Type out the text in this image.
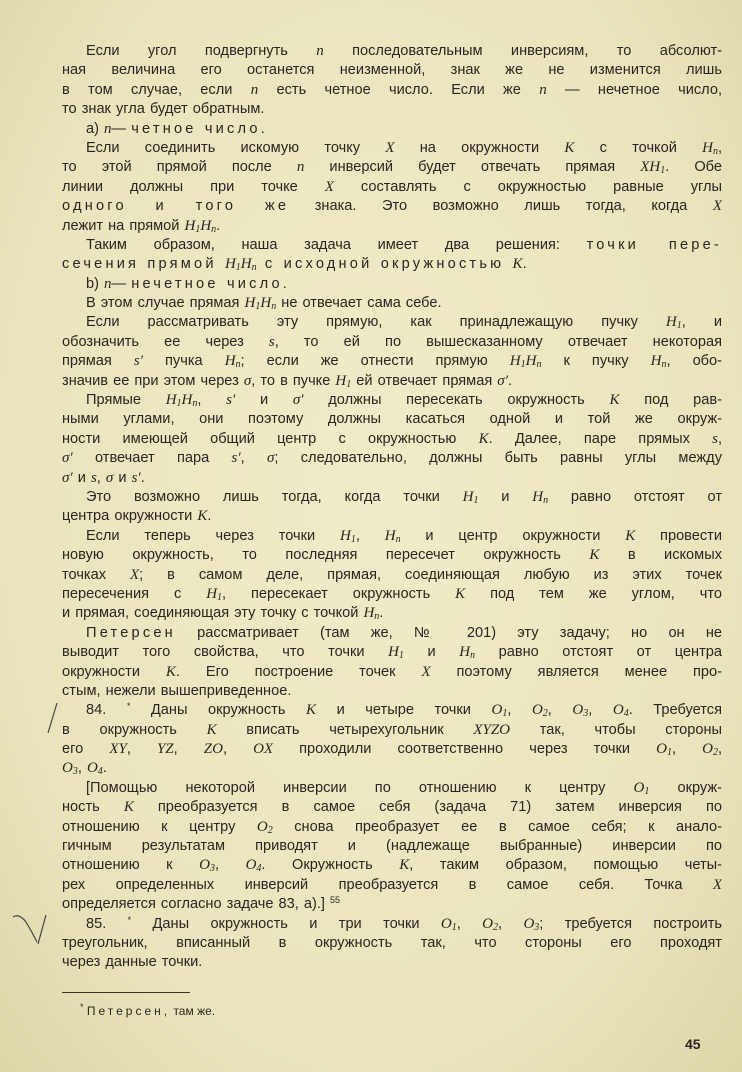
Если угол подвергнуть n последовательным инверсиям, то абсолют-
ная величина его останется неизменной, знак же не изменится лишь
в том случае, если n есть четное число. Если же n — нечетное число,
то знак угла будет обратным.
а) n— четное число.
Если соединить искомую точку X на окружности K с точкой Hn,
то этой прямой после n инверсий будет отвечать прямая XH1. Обе
линии должны при точке X составлять с окружностью равные углы
одного и того же знака. Это возможно лишь тогда, когда X
лежит на прямой H1Hn.
Таким образом, наша задача имеет два решения: точки пере-
сечения прямой H1Hn с исходной окружностью K.
b) n— нечетное число.
В этом случае прямая H1Hn не отвечает сама себе.
Если рассматривать эту прямую, как принадлежащую пучку H1, и
обозначить ее через s, то ей по вышесказанному отвечает некоторая
прямая s′ пучка Hn; если же отнести прямую H1Hn к пучку Hn, обо-
значив ее при этом через σ, то в пучке H1 ей отвечает прямая σ′.
Прямые H1Hn, s′ и σ′ должны пересекать окружность K под рав-
ными углами, они поэтому должны касаться одной и той же окруж-
ности имеющей общий центр с окружностью K. Далее, паре прямых s,
σ′ отвечает пара s′, σ; следовательно, должны быть равны углы между
σ′ и s, σ и s′.
Это возможно лишь тогда, когда точки H1 и Hn равно отстоят от
центра окружности K.
Если теперь через точки H1, Hn и центр окружности K провести
новую окружность, то последняя пересечет окружность K в искомых
точках X; в самом деле, прямая, соединяющая любую из этих точек
пересечения с H1, пересекает окружность K под тем же углом, что
и прямая, соединяющая эту точку с точкой Hn.
Петерсен рассматривает (там же, № 201) эту задачу; но он не
выводит того свойства, что точки H1 и Hn равно отстоят от центра
окружности K. Его построение точек X поэтому является менее про-
стым, нежели вышеприведенное.
84. * Даны окружность K и четыре точки O1, O2, O3, O4. Требуется
в окружность K вписать четырехугольник XYZO так, чтобы стороны
его XY, YZ, ZO, OX проходили соответственно через точки O1, O2,
O3, O4.
[Помощью некоторой инверсии по отношению к центру O1 окруж-
ность K преобразуется в самое себя (задача 71) затем инверсия по
отношению к центру O2 снова преобразует ее в самое себя; к анало-
гичным результатам приводят и (надлежаще выбранные) инверсии по
отношению к O3, O4. Окружность K, таким образом, помощью четы-
рех определенных инверсий преобразуется в самое себя. Точка X
определяется согласно задаче 83, а).] $^{55}$
85. * Даны окружность и три точки O1, O2, O3; требуется построить
треугольник, вписанный в окружность так, что стороны его проходят
через данные точки.
* Петерсен, там же.
45
